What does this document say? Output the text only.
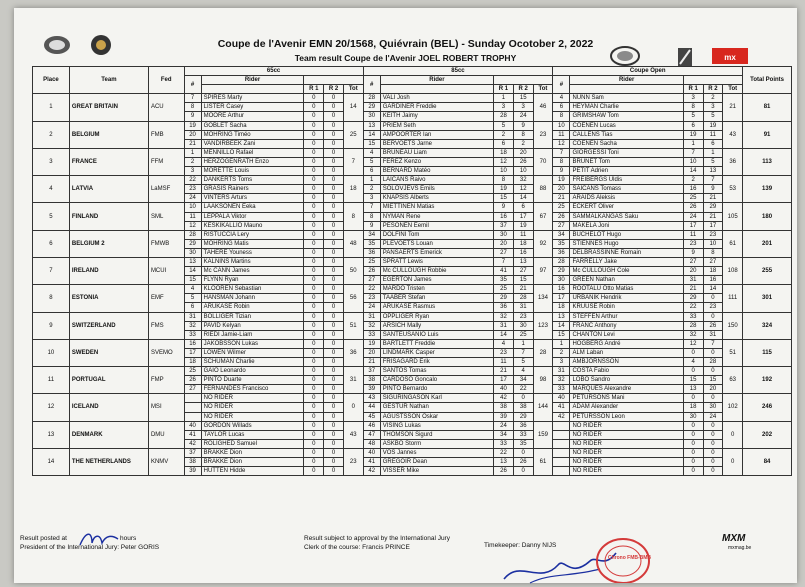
Coupe de l'Avenir EMN 20/1568, Quiévrain (BEL) - Sunday Ocotober 2, 2022
Team result Coupe de l'Avenir JOEL ROBERT TROPHY	mx
Place	Team	Fed	65cc					85cc					Coupe Open					Total Points
			#	Rider				#	Rider				#	Rider				
					R 1	R 2	Tot			R 1	R 2	Tot			R 1	R 2	Tot	
1	GREAT BRITAIN	ACU	7	SPIRES Marty	0	0	14	28	VALI Josh	1	15	46	4	NUNN Sam	3	2	21	81
			8	LISTER Casey	0	0		29	GARDINER Freddie	3	3		6	HEYMAN Charlie	8	3		
			9	MOORE Arthur	0	0		30	KEITH Jaimy	28	24		8	GRIMSHAW Tom	5	5		
2	BELGIUM	FMB	19	GOBLET Sacha	0	0	25	13	PRIEM Seth	5	9	23	10	COENEN Lucas	6	19	43	91
			20	MOHRING Timéo	0	0		14	AMPOORTER Ian	2	8		11	CALLENS Tias	19	11		
			21	VANDIRBEEK Zani	0	0		15	BERVOETS Jarne	6	2		12	COENEN Sacha	1	6		
3	FRANCE	FFM	1	MENNILLO Rafael	0	0	7	4	BRUNEAU Liam	18	20	70	7	GIORGESSI Toni	7	1	36	113
			2	HERZOGENRATH Enzo	0	0		5	FEREZ Kenzo	12	26		8	BRUNET Tom	10	5		
			3	MORETTE Louis	0	0		6	BERNARD Matéo	10	10		9	PETIT Adrien	14	13		
4	LATVIA	LaMSF	22	DANKERTS Toms	0	0	18	1	LAICANS Raivo	8	32	88	19	FREIBERGS Uldis	2	7	53	139
			23	GRASIS Rainers	0	0		2	SOLOVJEVS Emils	19	12		20	SAICANS Tomass	16	9		
			24	VINTERS Arturs	0	0		3	KNAPSIS Alberts	15	14		21	ARAIDS Aleksis	25	21		
5	FINLAND	SML	10	LAAKSONEN Eeka	0	0	8	7	MIETTINEN Matias	9	6	67	25	ECKERT Oliver	26	29	105	180
			11	LEPPALA Viktor	0	0		8	NYMAN Rene	16	17		26	SAMMALKANGAS Saku	24	21		
			12	KESKIKALLIO Mauno	0	0		9	PESONEN Eemil	37	19		27	MAKELA Joni	17	17		
6	BELGIUM 2	FMWB	28	RISTUCCIA Lery	0	0	48	34	DOLFINI Tom	30	11	92	34	BUCHELOT Hugo	11	23	61	201
			29	MOHRING Matis	0	0		35	PLEVOETS Louan	20	18		35	STIENNES Hugo	23	10		
			30	TAHERE Youness	0	0		36	PANSAERTS Emerick	27	16		36	DELBRASSINNE Romain	9	8		
7	IRELAND	MCUI	13	KALNINS Martins	0	0	50	25	SPRATT Lewis	7	13	97	28	FARRELLY Jake	27	27	108	255
			14	Mc CANN James	0	0		26	Mc CULLOUGH Robbie	41	27		29	Mc CULLOUGH Cole	20	18		
			15	FLYNN Ryan	0	0		27	EGERTON James	35	15		30	GREEN Nathan	31	16		
8	ESTONIA	EMF	4	KLOOREN Sebastian	0	0	56	22	MARDO Tristen	25	21	134	16	ROOTALU Otto Matias	21	14	111	301
			5	HANSMAN Johann	0	0		23	TAABER Stefan	29	28		17	URBANIK Hendrik	29	0		
			6	ARUKASE Robin	0	0		24	ARUKASE Rasmus	36	31		18	KRUUSE Robin	22	23		
9	SWITZERLAND	FMS	31	BOLLIGER Tizian	0	0	51	31	OPPLIGER Ryan	32	23	123	13	STEFFEN Arthur	33	0	150	324
			32	PAVID Kelyan	0	0		32	ARSICH Mally	31	30		14	FRANC Anthony	28	26		
			33	RIEDI Jamie-Liam	0	0		33	SANTEUSANIO Luis	14	25		15	CHANTON Levi	32	31		
10	SWEDEN	SVEMO	16	JAKOBSSON Lukas	0	0	36	19	BARTLETT Freddie	4	1	28	1	HOGBERG André	12	7	51	115
			17	LOWEN Wilmer	0	0		20	LINDMARK Casper	23	7		2	ALM Laban	0	0		
			18	SCHUMAN Charlie	0	0		21	FRISAGARD Erik	11	5		3	AMBJORNSSON	4	28		
11	PORTUGAL	FMP	25	GAIO Leonardo	0	0	31	37	SANTOS Tomas	21	4	98	31	COSTA Fabio	0	0	63	192
			26	PINTO Duarte	0	0		38	CARDOSO Goncalo	17	34		32	LOBO Sandro	15	15		
			27	FERNANDES Francisco	0	0		39	PINTO Bernardo	40	22		33	MARQUES Alexandre	13	20		
12	ICELAND	MSI		NO RIDER	0	0	0	43	SIGURINGASON Karl	42	0	144	40	PETURSONS Mani	0	0	102	246
				NO RIDER	0	0		44	GESTUR Nathan	38	38		41	ADAM Alexander	18	30		
				NO RIDER	0	0		45	AGUSTSSON Oskar	39	29		42	PETURSSON Leon	30	24		
13	DENMARK	DMU	40	GORDON Willads	0	0	43	46	VISING Lukas	24	36	159		NO RIDER	0	0	0	202
			41	TAYLOR Lucas	0	0		47	THOMSON Sigurd	34	33			NO RIDER	0	0		
			42	ROLIGHED Samuel	0	0		48	ASKBO Storm	33	35			NO RIDER	0	0		
14	THE NETHERLANDS	KNMV	37	BRAKKE Dion	0	0	23	40	VOS Jannes	22	0	61		NO RIDER	0	0	0	84
			38	BRAKKE Dion	0	0		41	GREGOIR Dean	13	26			NO RIDER	0	0		
			39	HUTTEN Hidde	0	0		42	VISSER Mike	26	0			NO RIDER	0	0		
Result posted at	hours
President of the International Jury: Peter GORIS
Result subject to approval by the International Jury
Clerk of the course: Francis PRINCE	Timekeeper: Danny NIJS
MXM
mxmag.be
Chrono FMB-BMB
